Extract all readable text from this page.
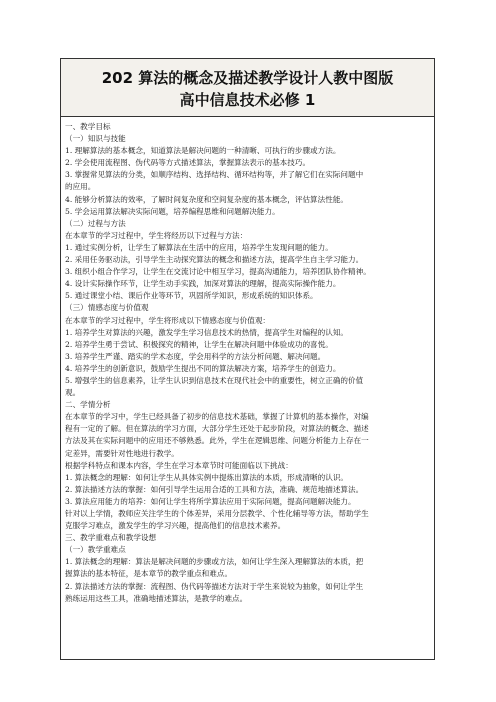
202 算法的概念及描述教学设计人教中图版
高中信息技术必修 1
一、教学目标
（一）知识与技能
1. 理解算法的基本概念，知道算法是解决问题的一种清晰、可执行的步骤或方法。
2. 学会使用流程图、伪代码等方式描述算法，掌握算法表示的基本技巧。
3. 掌握常见算法的分类，如顺序结构、选择结构、循环结构等，并了解它们在实际问题中
的应用。
4. 能够分析算法的效率，了解时间复杂度和空间复杂度的基本概念，评估算法性能。
5. 学会运用算法解决实际问题，培养编程思维和问题解决能力。
（二）过程与方法
在本章节的学习过程中，学生将经历以下过程与方法：
1. 通过实例分析，让学生了解算法在生活中的应用，培养学生发现问题的能力。
2. 采用任务驱动法，引导学生主动探究算法的概念和描述方法，提高学生自主学习能力。
3. 组织小组合作学习，让学生在交流讨论中相互学习，提高沟通能力，培养团队协作精神。
4. 设计实际操作环节，让学生动手实践，加深对算法的理解，提高实际操作能力。
5. 通过课堂小结、课后作业等环节，巩固所学知识，形成系统的知识体系。
（三）情感态度与价值观
在本章节的学习过程中，学生将形成以下情感态度与价值观：
1. 培养学生对算法的兴趣，激发学生学习信息技术的热情，提高学生对编程的认知。
2. 培养学生勇于尝试、积极探究的精神，让学生在解决问题中体验成功的喜悦。
3. 培养学生严谨、踏实的学术态度，学会用科学的方法分析问题、解决问题。
4. 培养学生的创新意识，鼓励学生提出不同的算法解决方案，培养学生的创造力。
5. 增强学生的信息素养，让学生认识到信息技术在现代社会中的重要性，树立正确的价值
观。
二、学情分析
在本章节的学习中，学生已经具备了初步的信息技术基础，掌握了计算机的基本操作，对编
程有一定的了解。但在算法的学习方面，大部分学生还处于起步阶段，对算法的概念、描述
方法及其在实际问题中的应用还不够熟悉。此外，学生在逻辑思维、问题分析能力上存在一
定差异，需要针对性地进行教学。
根据学科特点和课本内容，学生在学习本章节时可能面临以下挑战：
1. 算法概念的理解：如何让学生从具体实例中提炼出算法的本质，形成清晰的认识。
2. 算法描述方法的掌握：如何引导学生运用合适的工具和方法，准确、规范地描述算法。
3. 算法应用能力的培养：如何让学生将所学算法应用于实际问题，提高问题解决能力。
针对以上学情，教师应关注学生的个体差异，采用分层教学、个性化辅导等方法，帮助学生
克服学习难点，激发学生的学习兴趣，提高他们的信息技术素养。
三、教学重难点和教学设想
（一）教学重难点
1. 算法概念的理解：算法是解决问题的步骤或方法，如何让学生深入理解算法的本质，把
握算法的基本特征，是本章节的教学重点和难点。
2. 算法描述方法的掌握：流程图、伪代码等描述方法对于学生来说较为抽象，如何让学生
熟练运用这些工具，准确地描述算法，是教学的难点。
